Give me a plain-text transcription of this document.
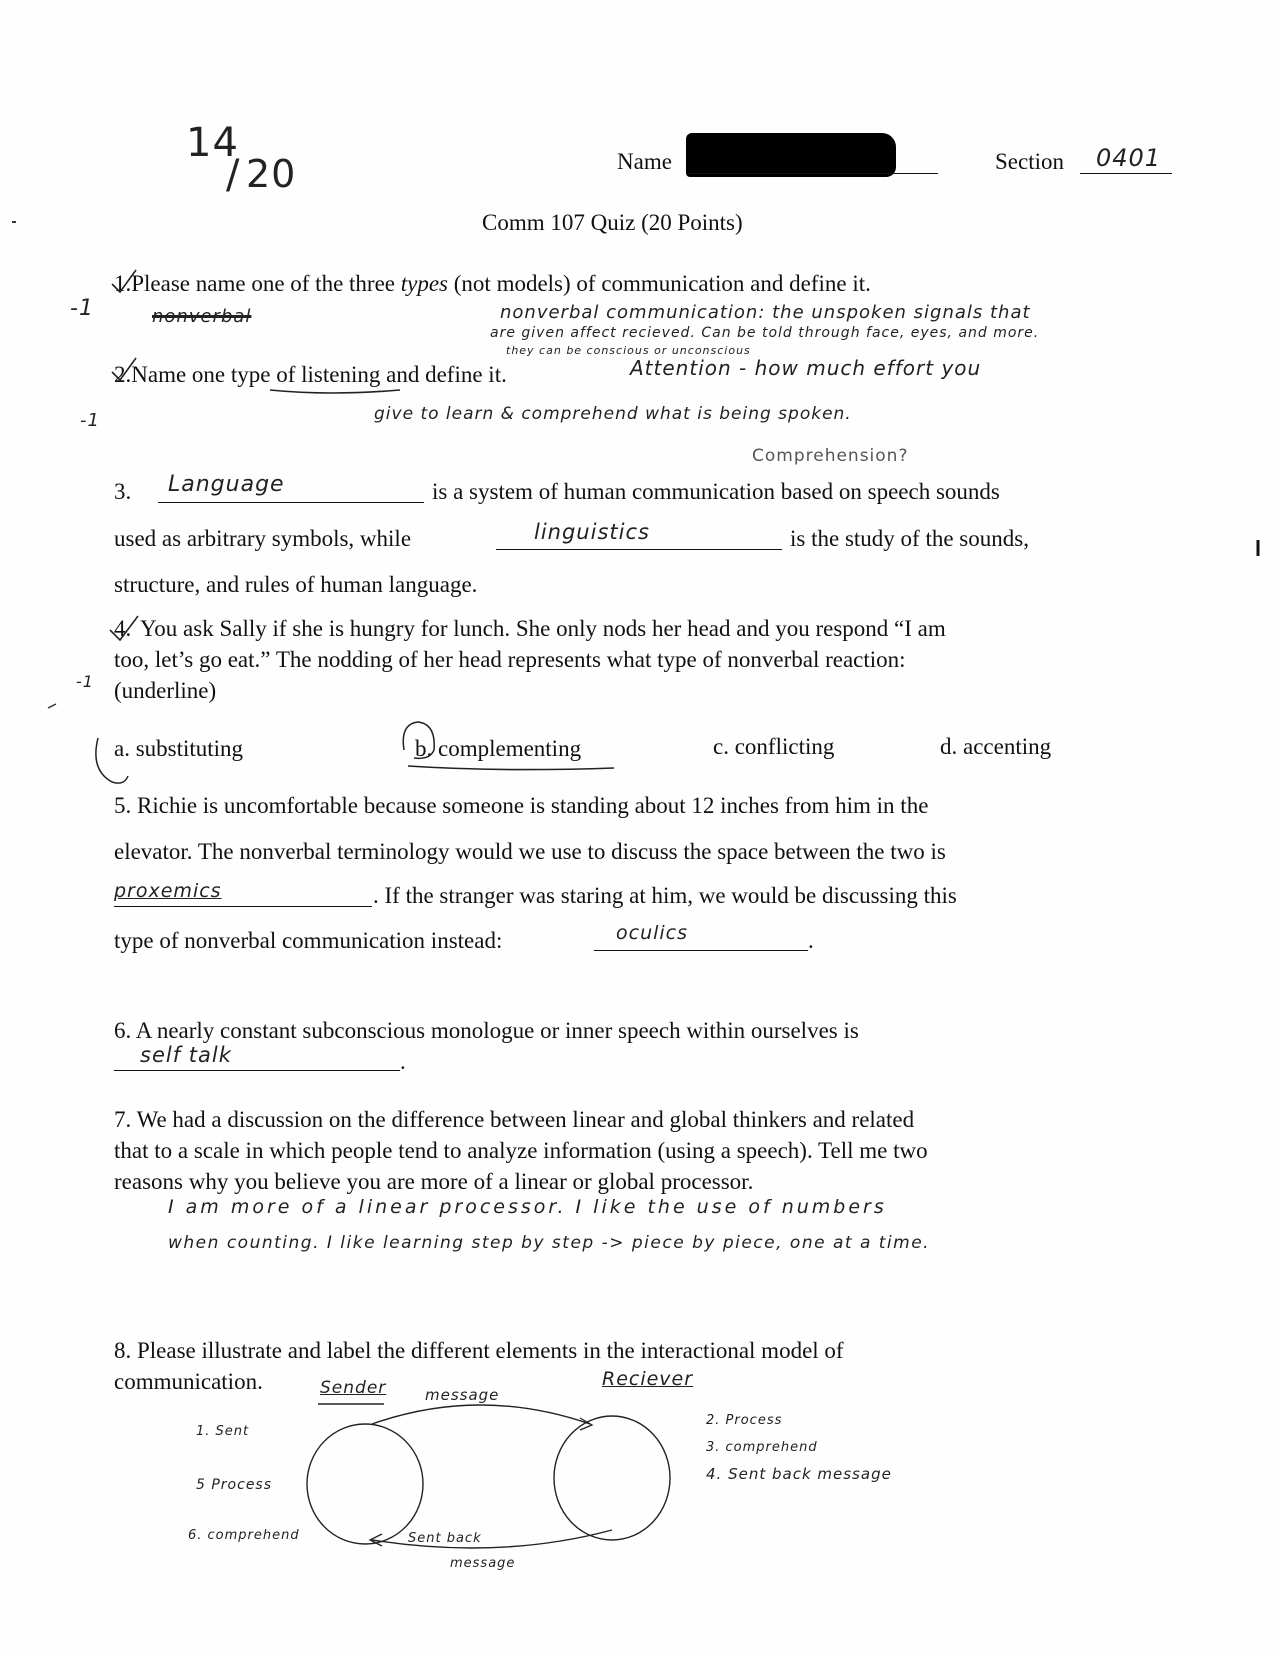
14
/ 20	Name	Section 0401
Comm 107 Quiz (20 Points)
1.Please name one of the three types (not models) of communication and define it.
-1	nonverbal	nonverbal communication: the unspoken signals that
are given affect recieved. Can be told through face, eyes, and more.
they can be conscious or unconscious
2.Name one type of listening and define it.	Attention - how much effort you
-1	give to learn & comprehend what is being spoken.
Comprehension?
3. Language	is a system of human communication based on speech sounds
used as arbitrary symbols, while	linguistics	is the study of the sounds,
structure, and rules of human language.
4. You ask Sally if she is hungry for lunch. She only nods her head and you respond “I am
too, let’s go eat.” The nodding of her head represents what type of nonverbal reaction:
(underline)
-1
a. substituting	b. complementing	c. conflicting	d. accenting
5. Richie is uncomfortable because someone is standing about 12 inches from him in the
elevator. The nonverbal terminology would we use to discuss the space between the two is
proxemics	. If the stranger was staring at him, we would be discussing this
type of nonverbal communication instead:	oculics	.
6. A nearly constant subconscious monologue or inner speech within ourselves is
self talk	.
7. We had a discussion on the difference between linear and global thinkers and related
that to a scale in which people tend to analyze information (using a speech). Tell me two
reasons why you believe you are more of a linear or global processor.
I am more of a linear processor. I like the use of numbers
when counting. I like learning step by step -> piece by piece, one at a time.
8. Please illustrate and label the different elements in the interactional model of
communication.	Sender	message
Reciever
1. Sent
5 Process
6. comprehend	Sent back
message
2. Process
3. comprehend
4. Sent back message
